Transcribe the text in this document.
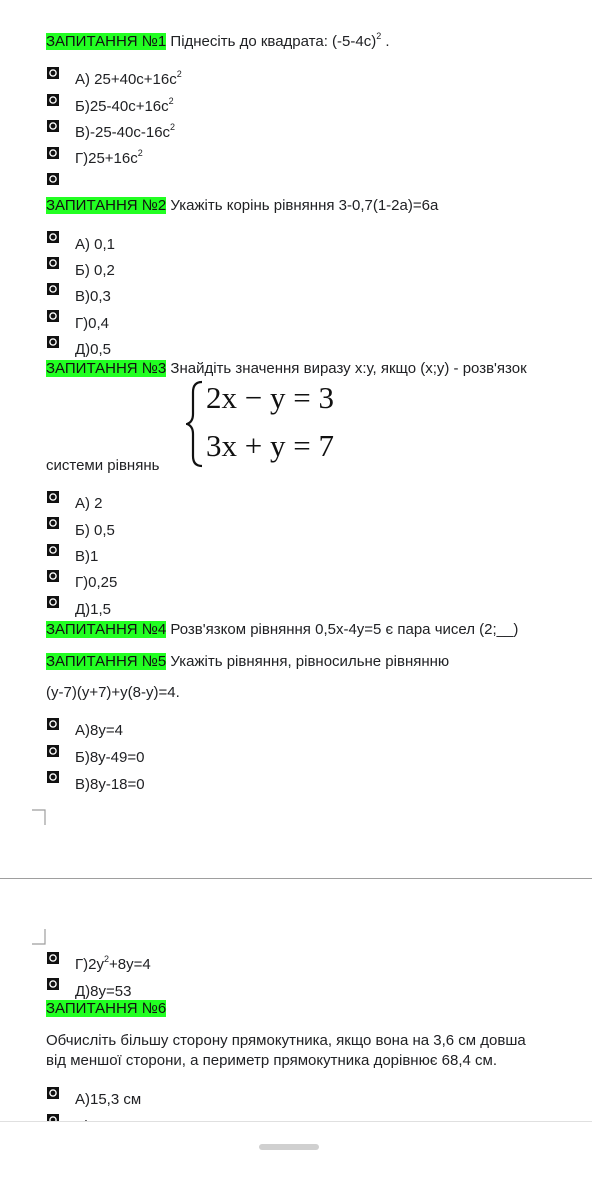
ЗАПИТАННЯ №1 Піднесіть до квадрата: $(-5-4с)^2$ .
А) $25+40с+16с^2$
$Б)25-40с+16с^2$
$В)-25-40с-16с^2$
$Г)25+16с^2$
ЗАПИТАННЯ №2 Укажіть корінь рівняння 3-0,7(1-2а)=6а
А) 0,1
Б) 0,2
В)0,3
Г)0,4
Д)0,5
ЗАПИТАННЯ №3 Знайдіть значення виразу х:у, якщо (х;у) - розв'язок
2x − y = 3
3x + y = 7
системи рівнянь
А) 2
Б) 0,5
В)1
Г)0,25
Д)1,5
ЗАПИТАННЯ №4 Розв'язком рівняння 0,5х-4у=5 є пара чисел (2;__)
ЗАПИТАННЯ №5 Укажіть рівняння, рівносильне рівнянню
(у-7)(у+7)+у(8-у)=4.
А)8у=4
Б)8у-49=0
В)8у-18=0
$Г)2у^2+8у=4$
Д)8у=53
ЗАПИТАННЯ №6
Обчисліть більшу сторону прямокутника, якщо вона на 3,6 см довша
від меншої сторони, а периметр прямокутника дорівнює 68,4 см.
А)15,3 см
